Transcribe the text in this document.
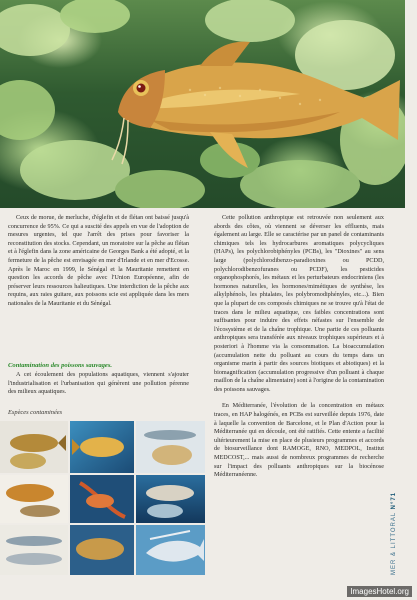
Ceux de morue, de merluche, d'églefin et de flétan ont baissé jusqu'à concurrence de 95%. Ce qui a suscité des appels en vue de l'adoption de mesures urgentes, tel que l'arrêt des prises pour favoriser la reconstitution des stocks. Cependant, un moratoire sur la pêche au flétan et à l'églefin dans la zone américaine de Georges Bank a été adopté, et la fermeture de la pêche est envisagée en mer d'Irlande et en mer d'Ecosse. Après le Maroc en 1999, le Sénégal et la Mauritanie remettent en question les accords de pêche avec l'Union Européenne, afin de préserver leurs ressources halieutiques. Une interdiction de la pêche aux requins, aux raies guitare, aux poissons scie est appliquée dans les mers nationales de la Mauritanie et du Sénégal.

Contamination des poissons sauvages.

A cet écoulement des populations aquatiques, viennent s'ajouter l'industrialisation et l'urbanisation qui génèrent une pollution pérenne des milieux aquatiques.

Espèces contaminées

Cette pollution anthropique est retrouvée non seulement aux abords des côtes, où viennent se déverser les effluents, mais également au large. Elle se caractérise par un panel de contaminants chimiques tels les hydrocarbures aromatiques polycycliques (HAPs), les polychlorobiphényles (PCBs), les "Dioxines" au sens large (polychlorodibenzo-paradioxines ou PCDD, polychlorodibenzofuranes ou PCDF), les pesticides organophosphorés, les métaux et les perturbateurs endocriniens (les hormones naturelles, les hormones/mimétiques de synthèse, les alkylphénols, les phtalates, les polybromodiphényles, etc...). Bien que la plupart de ces composés chimiques ne se trouve qu'à l'état de traces dans le milieu aquatique, ces faibles concentrations sont suffisantes pour induire des effets néfastes sur l'ensemble de l'écosystème et de la chaîne trophique. Une partie de ces polluants anthropiques sera transférée aux niveaux trophiques supérieurs et à posteriori à l'homme via la consommation. La bioaccumulation (accumulation nette du polluant au cours du temps dans un organisme marin à partir des sources biotiques et abiotiques) et la biomagnification (accumulation progressive d'un polluant à chaque maillon de la chaîne alimentaire) sont à l'origine de la contamination des poissons sauvages.

En Méditerranée, l'évolution de la concentration en métaux traces, en HAP halogénés, en PCBs est surveillée depuis 1976, date à laquelle la convention de Barcelone, et le Plan d'Action pour la Méditerranée qui en découle, ont été ratifiés. Cette entente a facilité ultérieurement la mise en place de plusieurs programmes et accords de biosurveillance dont RAMOGE, RNO, MEDPOL, Institut MEDCOST,... mais aussi de nombreux programmes de recherche sur l'impact des polluants anthropiques sur la biocénose Méditerranéenne.

MER & LITTORAL N°71
ImagesHotel.org
